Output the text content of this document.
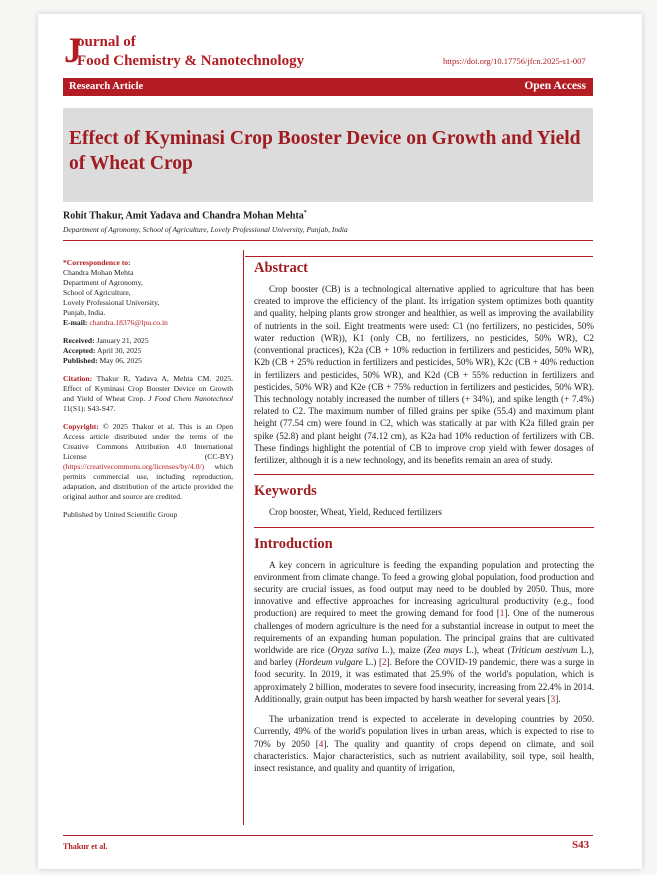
J
ournal of
Food Chemistry & Nanotechnology	https://doi.org/10.17756/jfcn.2025-s1-007
Research Article	Open Access
Effect of Kyminasi Crop Booster Device on Growth and Yield of Wheat Crop
Rohit Thakur, Amit Yadava and Chandra Mohan Mehta*
Department of Agronomy, School of Agriculture, Lovely Professional University, Punjab, India
*Correspondence to:
Chandra Mohan Mehta
Department of Agronomy,
School of Agriculture,
Lovely Professional University,
Punjab, India.
E-mail: chandra.18376@lpu.co.in
Received: January 21, 2025
Accepted: April 30, 2025
Published: May 06, 2025
Citation: Thakur R, Yadava A, Mehta CM. 2025. Effect of Kyminasi Crop Booster Device on Growth and Yield of Wheat Crop. J Food Chem Nanotechnol 11(S1): S43-S47.
Copyright: © 2025 Thakur et al. This is an Open Access article distributed under the terms of the Creative Commons Attribution 4.0 International License (CC-BY) (https://creativecommons.org/licenses/by/4.0/) which permits commercial use, including reproduction, adaptation, and distribution of the article provided the original author and source are credited.
Published by United Scientific Group
Abstract

Crop booster (CB) is a technological alternative applied to agriculture that has been created to improve the efficiency of the plant. Its irrigation system optimizes both quantity and quality, helping plants grow stronger and healthier, as well as improving the availability of nutrients in the soil. Eight treatments were used: C1 (no fertilizers, no pesticides, 50% water reduction (WR)), K1 (only CB, no fertilizers, no pesticides, 50% WR), C2 (conventional practices), K2a (CB + 10% reduction in fertilizers and pesticides, 50% WR), K2b (CB + 25% reduction in fertilizers and pesticides, 50% WR), K2c (CB + 40% reduction in fertilizers and pesticides, 50% WR), and K2d (CB + 55% reduction in fertilizers and pesticides, 50% WR) and K2e (CB + 75% reduction in fertilizers and pesticides, 50% WR). This technology notably increased the number of tillers (+ 34%), and spike length (+ 7.4%) related to C2. The maximum number of filled grains per spike (55.4) and maximum plant height (77.54 cm) were found in C2, which was statically at par with K2a filled grain per spike (52.8) and plant height (74.12 cm), as K2a had 10% reduction of fertilizers with CB. These findings highlight the potential of CB to improve crop yield with fewer dosages of fertilizer, although it is a new technology, and its benefits remain an area of study.

Keywords

Crop booster, Wheat, Yield, Reduced fertilizers

Introduction

A key concern in agriculture is feeding the expanding population and protecting the environment from climate change. To feed a growing global population, food production and security are crucial issues, as food output may need to be doubled by 2050. Thus, more innovative and effective approaches for increasing agricultural productivity (e.g., food production) are required to meet the growing demand for food [1]. One of the numerous challenges of modern agriculture is the need for a substantial increase in output to meet the requirements of an expanding human population. The principal grains that are cultivated worldwide are rice (Oryza sativa L.), maize (Zea mays L.), wheat (Triticum aestivum L.), and barley (Hordeum vulgare L.) [2]. Before the COVID-19 pandemic, there was a surge in food security. In 2019, it was estimated that 25.9% of the world's population, which is approximately 2 billion, moderates to severe food insecurity, increasing from 22.4% in 2014. Additionally, grain output has been impacted by harsh weather for several years [3].

The urbanization trend is expected to accelerate in developing countries by 2050. Currently, 49% of the world's population lives in urban areas, which is expected to rise to 70% by 2050 [4]. The quality and quantity of crops depend on climate, and soil characteristics. Major characteristics, such as nutrient availability, soil type, soil health, insect resistance, and quality and quantity of irrigation,

Thakur et al.	S43
